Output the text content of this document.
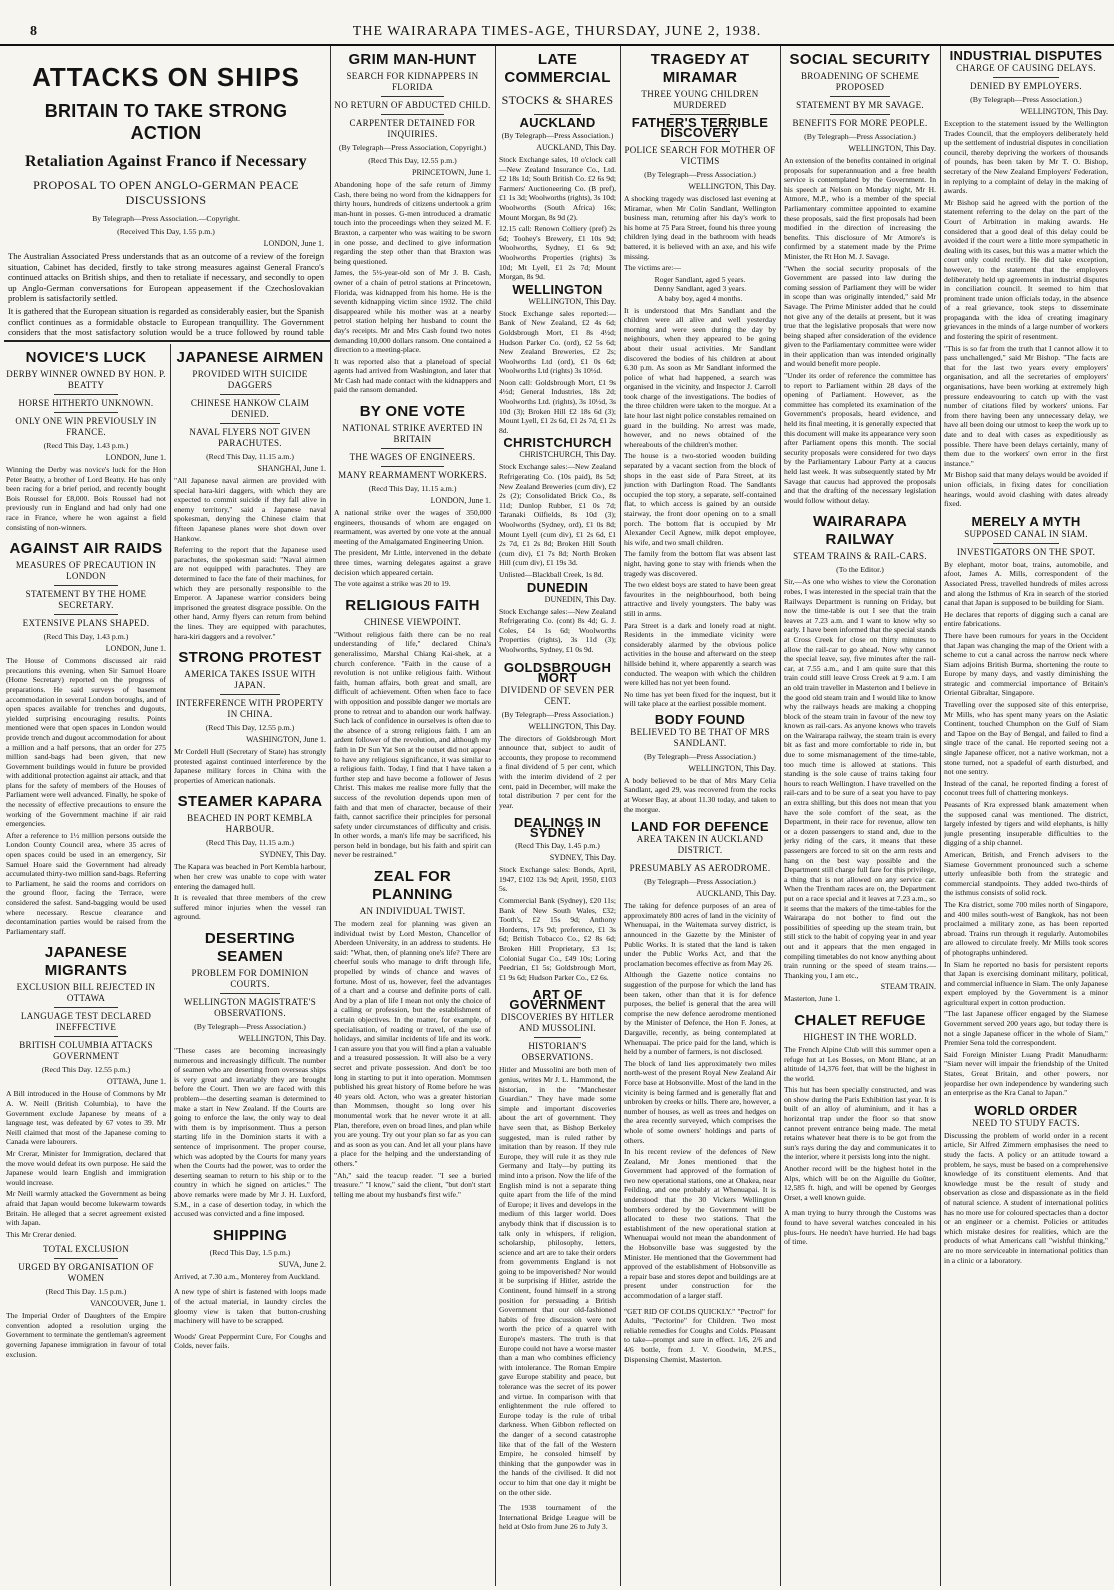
8	THE WAIRARAPA TIMES-AGE, THURSDAY, JUNE 2, 1938.
ATTACKS ON SHIPS
BRITAIN TO TAKE STRONG ACTION
Retaliation Against Franco if Necessary
PROPOSAL TO OPEN ANGLO-GERMAN PEACE DISCUSSIONS
By Telegraph—Press Association.—Copyright.
(Received This Day, 1.55 p.m.)
LONDON, June 1.

The Australian Associated Press understands that as an outcome of a review of the foreign situation, Cabinet has decided, firstly to take strong measures against General Franco's continued attacks on British ships, and then to retaliate if necessary, and secondly to open up Anglo-German conversations for European appeasement if the Czechoslovakian problem is satisfactorily settled.

It is gathered that the European situation is regarded as considerably easier, but the Spanish conflict continues as a formidable obstacle to European tranquillity. The Government considers that the most satisfactory solution would be a truce followed by round table

NOVICE'S LUCK
DERBY WINNER OWNED BY HON. P. BEATTY
HORSE HITHERTO UNKNOWN.
ONLY ONE WIN PREVIOUSLY IN FRANCE.
(Recd This Day, 1.43 p.m.)
LONDON, June 1.

Winning the Derby was novice's luck for the Hon Peter Beatty, a brother of Lord Beatty. He has only been racing for a brief period, and recently bought Bois Roussel for £8,000. Bois Roussel had not previously run in England and had only had one race in France, where he won against a field consisting of non-winners.

AGAINST AIR RAIDS
MEASURES OF PRECAUTION IN LONDON
STATEMENT BY THE HOME SECRETARY.
EXTENSIVE PLANS SHAPED.
(Recd This Day, 1.43 p.m.)
LONDON, June 1.

The House of Commons discussed air raid precautions this evening, when Sir Samuel Hoare (Home Secretary) reported on the progress of preparations. He said surveys of basement accommodation in several London boroughs, and of open spaces available for trenches and dugouts, yielded surprising encouraging results. Points mentioned were that open spaces in London would provide trench and dugout accommodation for about a million and a half persons, that an order for 275 million sand-bags had been given, that new Government buildings would in future be provided with additional protection against air attack, and that plans for the safety of members of the Houses of Parliament were well advanced. Finally, he spoke of the necessity of effective precautions to ensure the working of the Government machine if air raid emergencies.

After a reference to 1½ million persons outside the London County Council area, where 35 acres of open spaces could be used in an emergency, Sir Samuel Hoare said the Government had already accumulated thirty-two million sand-bags. Referring to Parliament, he said the rooms and corridors on the ground floor, facing the Terrace, were considered the safest. Sand-bagging would be used where necessary. Rescue clearance and decontamination parties would be raised from the Parliamentary staff.

JAPANESE MIGRANTS
EXCLUSION BILL REJECTED IN OTTAWA
LANGUAGE TEST DECLARED INEFFECTIVE
BRITISH COLUMBIA ATTACKS GOVERNMENT
(Recd This Day. 12.55 p.m.)
OTTAWA, June 1.

A Bill introduced in the House of Commons by Mr A. W. Neill (British Columbia), to have the Government exclude Japanese by means of a language test, was defeated by 67 votes to 39. Mr Neill claimed that most of the Japanese coming to Canada were labourers.

Mr Crerar, Minister for Immigration, declared that the move would defeat its own purpose. He said the Japanese would learn English and immigration would increase.

Mr Neill warmly attacked the Government as being afraid that Japan would become lukewarm towards Britain. He alleged that a secret agreement existed with Japan.

This Mr Crerar denied.

TOTAL EXCLUSION
URGED BY ORGANISATION OF WOMEN
(Recd This Day. 1.5 p.m.)
VANCOUVER, June 1.

The Imperial Order of Daughters of the Empire convention adopted a resolution urging the Government to terminate the gentleman's agreement governing Japanese immigration in favour of total exclusion.

JAPANESE AIRMEN
PROVIDED WITH SUICIDE DAGGERS
CHINESE HANKOW CLAIM DENIED.
NAVAL FLYERS NOT GIVEN PARACHUTES.
(Recd This Day, 11.15 a.m.)
SHANGHAI, June 1.

"All Japanese naval airmen are provided with special hara-kiri daggers, with which they are expected to commit suicide if they fall alive in enemy territory," said a Japanese naval spokesman, denying the Chinese claim that fifteen Japanese planes were shot down over Hankow.

Referring to the report that the Japanese used parachutes, the spokesman said: "Naval airmen are not equipped with parachutes. They are determined to face the fate of their machines, for which they are personally responsible to the Emperor. A Japanese warrior considers being imprisoned the greatest disgrace possible. On the other hand, Army flyers can return from behind the lines. They are equipped with parachutes, hara-kiri daggers and a revolver."

STRONG PROTEST
AMERICA TAKES ISSUE WITH JAPAN.
INTERFERENCE WITH PROPERTY IN CHINA.
(Recd This Day, 12.55 p.m.)
WASHINGTON, June 1.

Mr Cordell Hull (Secretary of State) has strongly protested against continued interference by the Japanese military forces in China with the properties of American nationals.

STEAMER KAPARA
BEACHED IN PORT KEMBLA HARBOUR.
(Recd This Day, 11.15 a.m.)
SYDNEY, This Day.

The Kapara was beached in Port Kembla harbour, when her crew was unable to cope with water entering the damaged hull.

It is revealed that three members of the crew suffered minor injuries when the vessel ran aground.

DESERTING SEAMEN
PROBLEM FOR DOMINION COURTS.
WELLINGTON MAGISTRATE'S OBSERVATIONS.
(By Telegraph—Press Association.)
WELLINGTON, This Day.

"These cases are becoming increasingly numerous and increasingly difficult. The number of seamen who are deserting from overseas ships is very great and invariably they are brought before the Court. Then we are faced with this problem—the deserting seaman is determined to make a start in New Zealand. If the Courts are going to enforce the law, the only way to deal with them is by imprisonment. Thus a person starting life in the Dominion starts it with a sentence of imprisonment. The proper course, which was adopted by the Courts for many years when the Courts had the power, was to order the deserting seaman to return to his ship or to the country in which he signed on articles." The above remarks were made by Mr J. H. Luxford, S.M., in a case of desertion today, in which the accused was convicted and a fine imposed.

SHIPPING
(Recd This Day, 1.5 p.m.)
SUVA, June 2.

Arrived, at 7.30 a.m., Monterey from Auckland.

A new type of shirt is fastened with loops made of the actual material, in laundry circles the gloomy view is taken that button-crushing machinery will have to be scrapped.

Woods' Great Peppermint Cure, For Coughs and Colds, never fails.

GRIM MAN-HUNT
SEARCH FOR KIDNAPPERS IN FLORIDA
NO RETURN OF ABDUCTED CHILD.
CARPENTER DETAINED FOR INQUIRIES.
(By Telegraph—Press Association, Copyright.)
(Recd This Day, 12.55 p.m.)
PRINCETOWN, June 1.

Abandoning hope of the safe return of Jimmy Cash, there being no word from the kidnappers for thirty hours, hundreds of citizens undertook a grim man-hunt in posses. G-men introduced a dramatic touch into the proceedings when they seized M. F. Braxton, a carpenter who was waiting to be sworn in one posse, and declined to give information regarding the step other than that Braxton was being questioned.

James, the 5½-year-old son of Mr J. B. Cash, owner of a chain of petrol stations at Princetown, Florida, was kidnapped from his home. He is the seventh kidnapping victim since 1932. The child disappeared while his mother was at a nearby petrol station helping her husband to count the day's receipts. Mr and Mrs Cash found two notes demanding 10,000 dollars ransom. One contained a direction to a meeting-place.

It was reported also that a planeload of special agents had arrived from Washington, and later that Mr Cash had made contact with the kidnappers and paid the ransom demanded.

BY ONE VOTE
NATIONAL STRIKE AVERTED IN BRITAIN
THE WAGES OF ENGINEERS.
MANY REARMAMENT WORKERS.
(Recd This Day, 11.15 a.m.)
LONDON, June 1.

A national strike over the wages of 350,000 engineers, thousands of whom are engaged on rearmament, was averted by one vote at the annual meeting of the Amalgamated Engineering Union.

The president, Mr Little, intervened in the debate three times, warning delegates against a grave decision which appeared certain.

The vote against a strike was 20 to 19.

RELIGIOUS FAITH
CHINESE VIEWPOINT.

"Without religious faith there can be no real understanding of life," declared China's generalissimo, Marshal Chiang Kai-shek, at a church conference. "Faith in the cause of a revolution is not unlike religious faith. Without faith, human affairs, both great and small, are difficult of achievement. Often when face to face with opposition and possible danger we mortals are prone to retreat and to abandon our work halfway. Such lack of confidence in ourselves is often due to the absence of a strong religious faith. I am an ardent follower of the revolution, and although my faith in Dr Sun Yat Sen at the outset did not appear to have any religious significance, it was similar to a religious faith. Today, I find that I have taken a further step and have become a follower of Jesus Christ. This makes me realise more fully that the success of the revolution depends upon men of faith and that men of character, because of their faith, cannot sacrifice their principles for personal safety under circumstances of difficulty and crisis. In other words, a man's life may be sacrificed, his person held in bondage, but his faith and spirit can never be restrained."

ZEAL FOR PLANNING
AN INDIVIDUAL TWIST.

The modern zeal for planning was given an individual twist by Lord Meston, Chancellor of Aberdeen University, in an address to students. He said: "What, then, of planning one's life? There are cheerful souls who manage to drift through life, propelled by winds of chance and waves of fortune. Most of us, however, feel the advantages of a chart and a course and definite ports of call. And by a plan of life I mean not only the choice of a calling or profession, but the establishment of certain objectives. In the matter, for example, of specialisation, of reading or travel, of the use of holidays, and similar incidents of life and its work. I can assure you that you will find a plan a valuable and a treasured possession. It will also be a very secret and private possession. And don't be too long in starting to put it into operation. Mommsen published his great history of Rome before he was 40 years old. Acton, who was a greater historian than Mommsen, thought so long over his monumental work that he never wrote it at all. Plan, therefore, even on broad lines, and plan while you are young. Try out your plan so far as you can and as soon as you can. And let all your plans have a place for the helping and the understanding of others."

"Ah," said the teacup reader. "I see a buried treasure." "I know," said the client, "but don't start telling me about my husband's first wife."

LATE COMMERCIAL
STOCKS & SHARES
AUCKLAND
(By Telegraph—Press Association.)
AUCKLAND, This Day.

Stock Exchange sales, 10 o'clock call—New Zealand Insurance Co., Ltd. £2 18s 1d; South British Co. £2 6s 9d; Farmers' Auctioneering Co. (B pref), £1 1s 3d; Woolworths (rights), 3s 10d; Woolworths (South Africa) 16s; Mount Morgan, 8s 9d (2).

12.15 call: Renown Colliery (pref) 2s 6d; Toohey's Brewery, £1 10s 9d; Woolworths, Sydney, £1 6s 9d; Woolworths Properties (rights) 3s 10d; Mt Lyell, £1 2s 7d; Mount Morgan, 8s 9d.

WELLINGTON
WELLINGTON, This Day.

Stock Exchange sales reported:—Bank of New Zealand, £2 4s 6d; Goldsbrough Mort, £1 8s 4½d; Hudson Parker Co. (ord), £2 5s 6d; New Zealand Breweries, £2 2s; Woolworths Ltd (ord), £1 0s 6d; Woolworths Ltd (rights) 3s 10½d.

Noon call: Goldsbrough Mort, £1 9s 4½d; General Industries, 18s 2d; Woolworths Ltd. (rights), 3s 10½d, 3s 10d (3); Broken Hill £2 18s 6d (3); Mount Lyell, £1 2s 6d, £1 2s 7d, £1 2s 8d.

CHRISTCHURCH
CHRISTCHURCH, This Day.

Stock Exchange sales:—New Zealand Refrigerating Co. (10s paid), 8s 5d; New Zealand Breweries (cum div), £2 2s (2); Consolidated Brick Co., 8s 11d; Dunlop Rubber, £1 0s 7d; Taranaki Oilfields, 8s 10d (3); Woolworths (Sydney, ord), £1 0s 8d; Mount Lyell (cum div), £1 2s 6d, £1 2s 7d, £1 2s 8d; Broken Hill South (cum div), £1 7s 8d; North Broken Hill (cum div), £1 19s 3d.

Unlisted—Blackball Creek, 1s 8d.

DUNEDIN
DUNEDIN, This Day.

Stock Exchange sales:—New Zealand Refrigerating Co. (cont) 8s 4d; G. J. Coles, £4 1s 6d; Woolworths Properties (rights), 3s 11d (3); Woolworths, Sydney, £1 0s 9d.

GOLDSBROUGH MORT
DIVIDEND OF SEVEN PER CENT.
(By Telegraph—Press Association.)
WELLINGTON, This Day.

The directors of Goldsbrough Mort announce that, subject to audit of accounts, they propose to recommend a final dividend of 5 per cent, which with the interim dividend of 2 per cent, paid in December, will make the total distribution 7 per cent for the year.

DEALINGS IN SYDNEY
(Recd This Day, 1.45 p.m.)
SYDNEY, This Day.

Stock Exchange sales: Bonds, April, 1947, £102 13s 9d; April, 1950, £103 5s.

Commercial Bank (Sydney), £20 11s; Bank of New South Wales, £32; Tooth's, £2 15s 9d; Anthony Horderns, 17s 9d; preference, £1 3s 6d; British Tobacco Co., £2 8s 6d; Broken Hill Proprietary, £3 1s; Colonial Sugar Co., £49 10s; Loring Peedrian, £1 5s; Goldsbrough Mort, £1 9s 6d; Hudson Parker Co., £2 6s.

ART OF GOVERNMENT
DISCOVERIES BY HITLER AND MUSSOLINI.
HISTORIAN'S OBSERVATIONS.

Hitler and Mussolini are both men of genius, writes Mr J. L. Hammond, the historian, in the "Manchester Guardian." They have made some simple and important discoveries about the art of government. They have seen that, as Bishop Berkeley suggested, man is ruled rather by imitation than by reason. If they rule Europe, they will rule it as they rule Germany and Italy—by putting its mind into a prison. Now the life of the English mind is not a separate thing quite apart from the life of the mind of Europe; it lives and develops in the medium of this larger world. Does anybody think that if discussion is to talk only in whispers, if religion, scholarship, philosophy, letters, science and art are to take their orders from governments England is not going to be impoverished? Nor would it be surprising if Hitler, astride the Continent, found himself in a strong position for persuading a British Government that our old-fashioned habits of free discussion were not worth the price of a quarrel with Europe's masters. The truth is that Europe could not have a worse master than a man who combines efficiency with intolerance. The Roman Empire gave Europe stability and peace, but tolerance was the secret of its power and virtue. In comparison with that enlightenment the rule offered to Europe today is the rule of tribal darkness. When Gibbon reflected on the danger of a second catastrophe like that of the fall of the Western Empire, he consoled himself by thinking that the gunpowder was in the hands of the civilised. It did not occur to him that one day it might be on the other side.

The 1938 tournament of the International Bridge League will be held at Oslo from June 26 to July 3.

TRAGEDY AT MIRAMAR
THREE YOUNG CHILDREN MURDERED
FATHER'S TERRIBLE DISCOVERY
POLICE SEARCH FOR MOTHER OF VICTIMS
(By Telegraph—Press Association.)
WELLINGTON, This Day.

A shocking tragedy was disclosed last evening at Miramar, when Mr Colin Sandlant, Wellington business man, returning after his day's work to his home at 75 Para Street, found his three young children lying dead in the bathroom with heads battered, it is believed with an axe, and his wife missing.

The victims are:—

Roger Sandlant, aged 5 years.

Denny Sandlant, aged 3 years.

A baby boy, aged 4 months.

It is understood that Mrs Sandlant and the children were all alive and well yesterday morning and were seen during the day by neighbours, when they appeared to be going about their usual activities. Mr Sandlant discovered the bodies of his children at about 6.30 p.m. As soon as Mr Sandlant informed the police of what had happened, a search was organised in the vicinity, and Inspector J. Carroll took charge of the investigations. The bodies of the three children were taken to the morgue. At a late hour last night police constables remained on guard in the building. No arrest was made, however, and no news obtained of the whereabouts of the children's mother.

The house is a two-storied wooden building separated by a vacant section from the block of shops in the east side of Para Street, at its junction with Darlington Road. The Sandlants occupied the top story, a separate, self-contained flat, to which access is gained by an outside stairway, the front door opening on to a small porch. The bottom flat is occupied by Mr Alexander Cecil Agnew, milk depot employee, his wife, and two small children.

The family from the bottom flat was absent last night, having gone to stay with friends when the tragedy was discovered.

The two eldest boys are stated to have been great favourites in the neighbourhood, both being attractive and lively youngsters. The baby was still in arms.

Para Street is a dark and lonely road at night. Residents in the immediate vicinity were considerably alarmed by the obvious police activities in the house and afterward on the steep hillside behind it, where apparently a search was conducted. The weapon with which the children were killed has not yet been found.

No time has yet been fixed for the inquest, but it will take place at the earliest possible moment.

BODY FOUND
BELIEVED TO BE THAT OF MRS SANDLANT.
(By Telegraph—Press Association.)
WELLINGTON, This Day.

A body believed to be that of Mrs Mary Celia Sandlant, aged 29, was recovered from the rocks at Worser Bay, at about 11.30 today, and taken to the morgue.

LAND FOR DEFENCE
AREA TAKEN IN AUCKLAND DISTRICT.
PRESUMABLY AS AERODROME.
(By Telegraph—Press Association.)
AUCKLAND, This Day.

The taking for defence purposes of an area of approximately 800 acres of land in the vicinity of Whenuapai, in the Waitemata survey district, is announced in the Gazette by the Minister of Public Works. It is stated that the land is taken under the Public Works Act, and that the proclamation becomes effective as from May 26.

Although the Gazette notice contains no suggestion of the purpose for which the land has been taken, other than that it is for defence purposes, the belief is general that the area will comprise the new defence aerodrome mentioned by the Minister of Defence, the Hon F. Jones, at Dargaville, recently, as being contemplated at Whenuapai. The price paid for the land, which is held by a number of farmers, is not disclosed.

The block of land lies approximately two miles north-west of the present Royal New Zealand Air Force base at Hobsonville. Most of the land in the vicinity is being farmed and is generally flat and unbroken by creeks or hills. There are, however, a number of houses, as well as trees and hedges on the area recently surveyed, which comprises the whole of some owners' holdings and parts of others.

In his recent review of the defences of New Zealand, Mr Jones mentioned that the Government had approved of the formation of two new operational stations, one at Ohakea, near Feilding, and one probably at Whenuapai. It is understood that the 30 Vickers Wellington bombers ordered by the Government will be allocated to these two stations. That the establishment of the new operational station at Whenuapai would not mean the abandonment of the Hobsonville base was suggested by the Minister. He mentioned that the Government had approved of the establishment of Hobsonville as a repair base and stores depot and buildings are at present under construction for the accommodation of a larger staff.

"GET RID OF COLDS QUICKLY." "Pectrol" for Adults, "Pectorine" for Children. Two most reliable remedies for Coughs and Colds. Pleasant to take—prompt and sure in effect. 1/6, 2/6 and 4/6 bottle, from J. V. Goodwin, M.P.S., Dispensing Chemist, Masterton.

SOCIAL SECURITY
BROADENING OF SCHEME PROPOSED
STATEMENT BY MR SAVAGE.
BENEFITS FOR MORE PEOPLE.
(By Telegraph—Press Association.)
WELLINGTON, This Day.

An extension of the benefits contained in original proposals for superannuation and a free health service is contemplated by the Government. In his speech at Nelson on Monday night, Mr H. Atmore, M.P., who is a member of the special Parliamentary committee appointed to examine these proposals, said the first proposals had been modified in the direction of increasing the benefits. This disclosure of Mr Atmore's is confirmed by a statement made by the Prime Minister, the Rt Hon M. J. Savage.

"When the social security proposals of the Government are passed into law during the coming session of Parliament they will be wider in scope than was originally intended," said Mr Savage. The Prime Minister added that he could not give any of the details at present, but it was true that the legislative proposals that were now being shaped after consideration of the evidence given to the Parliamentary committee were wider in their application than was intended originally and would benefit more people.

"Under its order of reference the committee has to report to Parliament within 28 days of the opening of Parliament. However, as the committee has completed its examination of the Government's proposals, heard evidence, and held its final meeting, it is generally expected that this document will make its appearance very soon after Parliament opens this month. The social security proposals were considered for two days by the Parliamentary Labour Party at a caucus held last week. It was subsequently stated by Mr Savage that caucus had approved the proposals and that the drafting of the necessary legislation would follow without delay.

WAIRARAPA RAILWAY
STEAM TRAINS & RAIL-CARS.
(To the Editor.)

Sir,—As one who wishes to view the Coronation robes, I was interested in the special train that the Railways Department is running on Friday, but now the time-table is out I see that the train leaves at 7.23 a.m. and I want to know why so early. I have been informed that the special stands at Cross Creek for close on thirty minutes to allow the rail-car to go ahead. Now why cannot the special leave, say, five minutes after the rail-car, at 7.55 a.m., and I am quite sure that this train could still leave Cross Creek at 9 a.m. I am an old train traveller in Masterton and I believe in the good old steam train and I would like to know why the railways heads are making a chopping block of the steam train in favour of the new toy known as rail-cars. As anyone knows who travels on the Wairarapa railway, the steam train is every bit as fast and more comfortable to ride in, but due to some mismanagement of the time-table, too much time is allowed at stations. This standing is the sole cause of trains taking four hours to reach Wellington. I have travelled on the rail-cars and to be sure of a seat you have to pay an extra shilling, but this does not mean that you have the sole comfort of the seat, as the Department, in their race for revenue, allow ten or a dozen passengers to stand and, due to the jerky riding of the cars, it means that these passengers are forced to sit on the arm rests and hang on the best way possible and the Department still charge full fare for this privilege, a thing that is not allowed on any service car. When the Trentham races are on, the Department put on a race special and it leaves at 7.23 a.m., so it seems that the makers of the time-tables for the Wairarapa do not bother to find out the possibilities of speeding up the steam train, but still stick to the habit of copying year in and year out and it appears that the men engaged in compiling timetables do not know anything about train running or the speed of steam trains.—Thanking you, I am etc.,

STEAM TRAIN.

Masterton, June 1.

CHALET REFUGE
HIGHEST IN THE WORLD.

The French Alpine Club will this summer open a refuge hut at Les Bosses, on Mont Blanc, at an altitude of 14,376 feet, that will be the highest in the world.

This hut has been specially constructed, and was on show during the Paris Exhibition last year. It is built of an alloy of aluminium, and it has a horizontal trap under the floor so that snow cannot prevent entrance being made. The metal retains whatever heat there is to be got from the sun's rays during the day and communicates it to the interior, where it persists long into the night.

Another record will be the highest hotel in the Alps, which will be on the Aiguille du Goûter, 12,585 ft. high, and will be opened by Georges Orset, a well known guide.

A man trying to hurry through the Customs was found to have several watches concealed in his plus-fours. He needn't have hurried. He had bags of time.

INDUSTRIAL DISPUTES
CHARGE OF CAUSING DELAYS.
DENIED BY EMPLOYERS.
(By Telegraph—Press Association.)
WELLINGTON, This Day.

Exception to the statement issued by the Wellington Trades Council, that the employers deliberately held up the settlement of industrial disputes in conciliation council, thereby depriving the workers of thousands of pounds, has been taken by Mr T. O. Bishop, secretary of the New Zealand Employers' Federation, in replying to a complaint of delay in the making of awards.

Mr Bishop said he agreed with the portion of the statement referring to the delay on the part of the Court of Arbitration in making awards. He considered that a good deal of this delay could be avoided if the court were a little more sympathetic in dealing with its cases, but this was a matter which the court only could rectify. He did take exception, however, to the statement that the employers deliberately held up agreements in industrial disputes in conciliation council. It seemed to him that prominent trade union officials today, in the absence of a real grievance, took steps to disseminate propaganda with the idea of creating imaginary grievances in the minds of a large number of workers and fostering the spirit of resentment.

"This is so far from the truth that I cannot allow it to pass unchallenged," said Mr Bishop. "The facts are that for the last two years every employers' organisation, and all the secretaries of employers' organisations, have been working at extremely high pressure endeavouring to catch up with the vast number of citations filed by workers' unions. Far from there having been any unnecessary delay, we have all been doing our utmost to keep the work up to date and to deal with cases as expeditiously as possible. There have been delays certainly, many of them due to the workers' own error in the first instance."

Mr Bishop said that many delays would be avoided if union officials, in fixing dates for conciliation hearings, would avoid clashing with dates already fixed.

MERELY A MYTH
SUPPOSED CANAL IN SIAM.
INVESTIGATORS ON THE SPOT.

By elephant, motor boat, trains, automobile, and afoot, James A. Mills, correspondent of the Associated Press, travelled hundreds of miles across and along the Isthmus of Kra in search of the storied canal that Japan is supposed to be building for Siam.

He declares that reports of digging such a canal are entire fabrications.

There have been rumours for years in the Occident that Japan was changing the map of the Orient with a scheme to cut a canal across the narrow neck where Siam adjoins British Burma, shortening the route to Europe by many days, and vastly diminishing the strategic and commercial importance of Britain's Oriental Gibraltar, Singapore.

Travelling over the supposed site of this enterprise, Mr Mills, who has spent many years on the Asiatic Continent, touched Chumphon on the Gulf of Siam and Tapoe on the Bay of Bengal, and failed to find a single trace of the canal. He reported seeing not a single Japanese officer, not a native workman, not a stone turned, not a spadeful of earth disturbed, and not one sentry.

Instead of the canal, he reported finding a forest of coconut trees full of chattering monkeys.

Peasants of Kra expressed blank amazement when the supposed canal was mentioned. The district, largely infested by tigers and wild elephants, is hilly jungle presenting insuperable difficulties to the digging of a ship channel.

American, British, and French advisers to the Siamese Government pronounced such a scheme utterly unfeasible both from the strategic and commercial standpoints. They added two-thirds of the isthmus consists of solid rock.

The Kra district, some 700 miles north of Singapore, and 400 miles south-west of Bangkok, has not been proclaimed a military zone, as has been reported abroad. Trains run through it regularly. Automobiles are allowed to circulate freely. Mr Mills took scores of photographs unhindered.

In Siam he reported no basis for persistent reports that Japan is exercising dominant military, political, and commercial influence in Siam. The only Japanese expert employed by the Government is a minor agricultural expert in cotton production.

"The last Japanese officer engaged by the Siamese Government served 200 years ago, but today there is not a single Japanese officer in the whole of Siam," Premier Sena told the correspondent.

Said Foreign Minister Luang Pradit Manudharm: "Siam never will impair the friendship of the United States, Great Britain, and other powers, nor jeopardise her own independence by wandering such an enterprise as the Kra Canal to Japan."

WORLD ORDER
NEED TO STUDY FACTS.

Discussing the problem of world order in a recent article, Sir Alfred Zimmern emphasises the need to study the facts. A policy or an attitude toward a problem, he says, must be based on a comprehensive knowledge of its constituent elements. And that knowledge must be the result of study and observation as close and dispassionate as in the field of natural science. A student of international politics has no more use for coloured spectacles than a doctor or an engineer or a chemist. Policies or attitudes which mistake desires for realities, which are the products of what Americans call "wishful thinking," are no more serviceable in international politics than in a clinic or a laboratory.
